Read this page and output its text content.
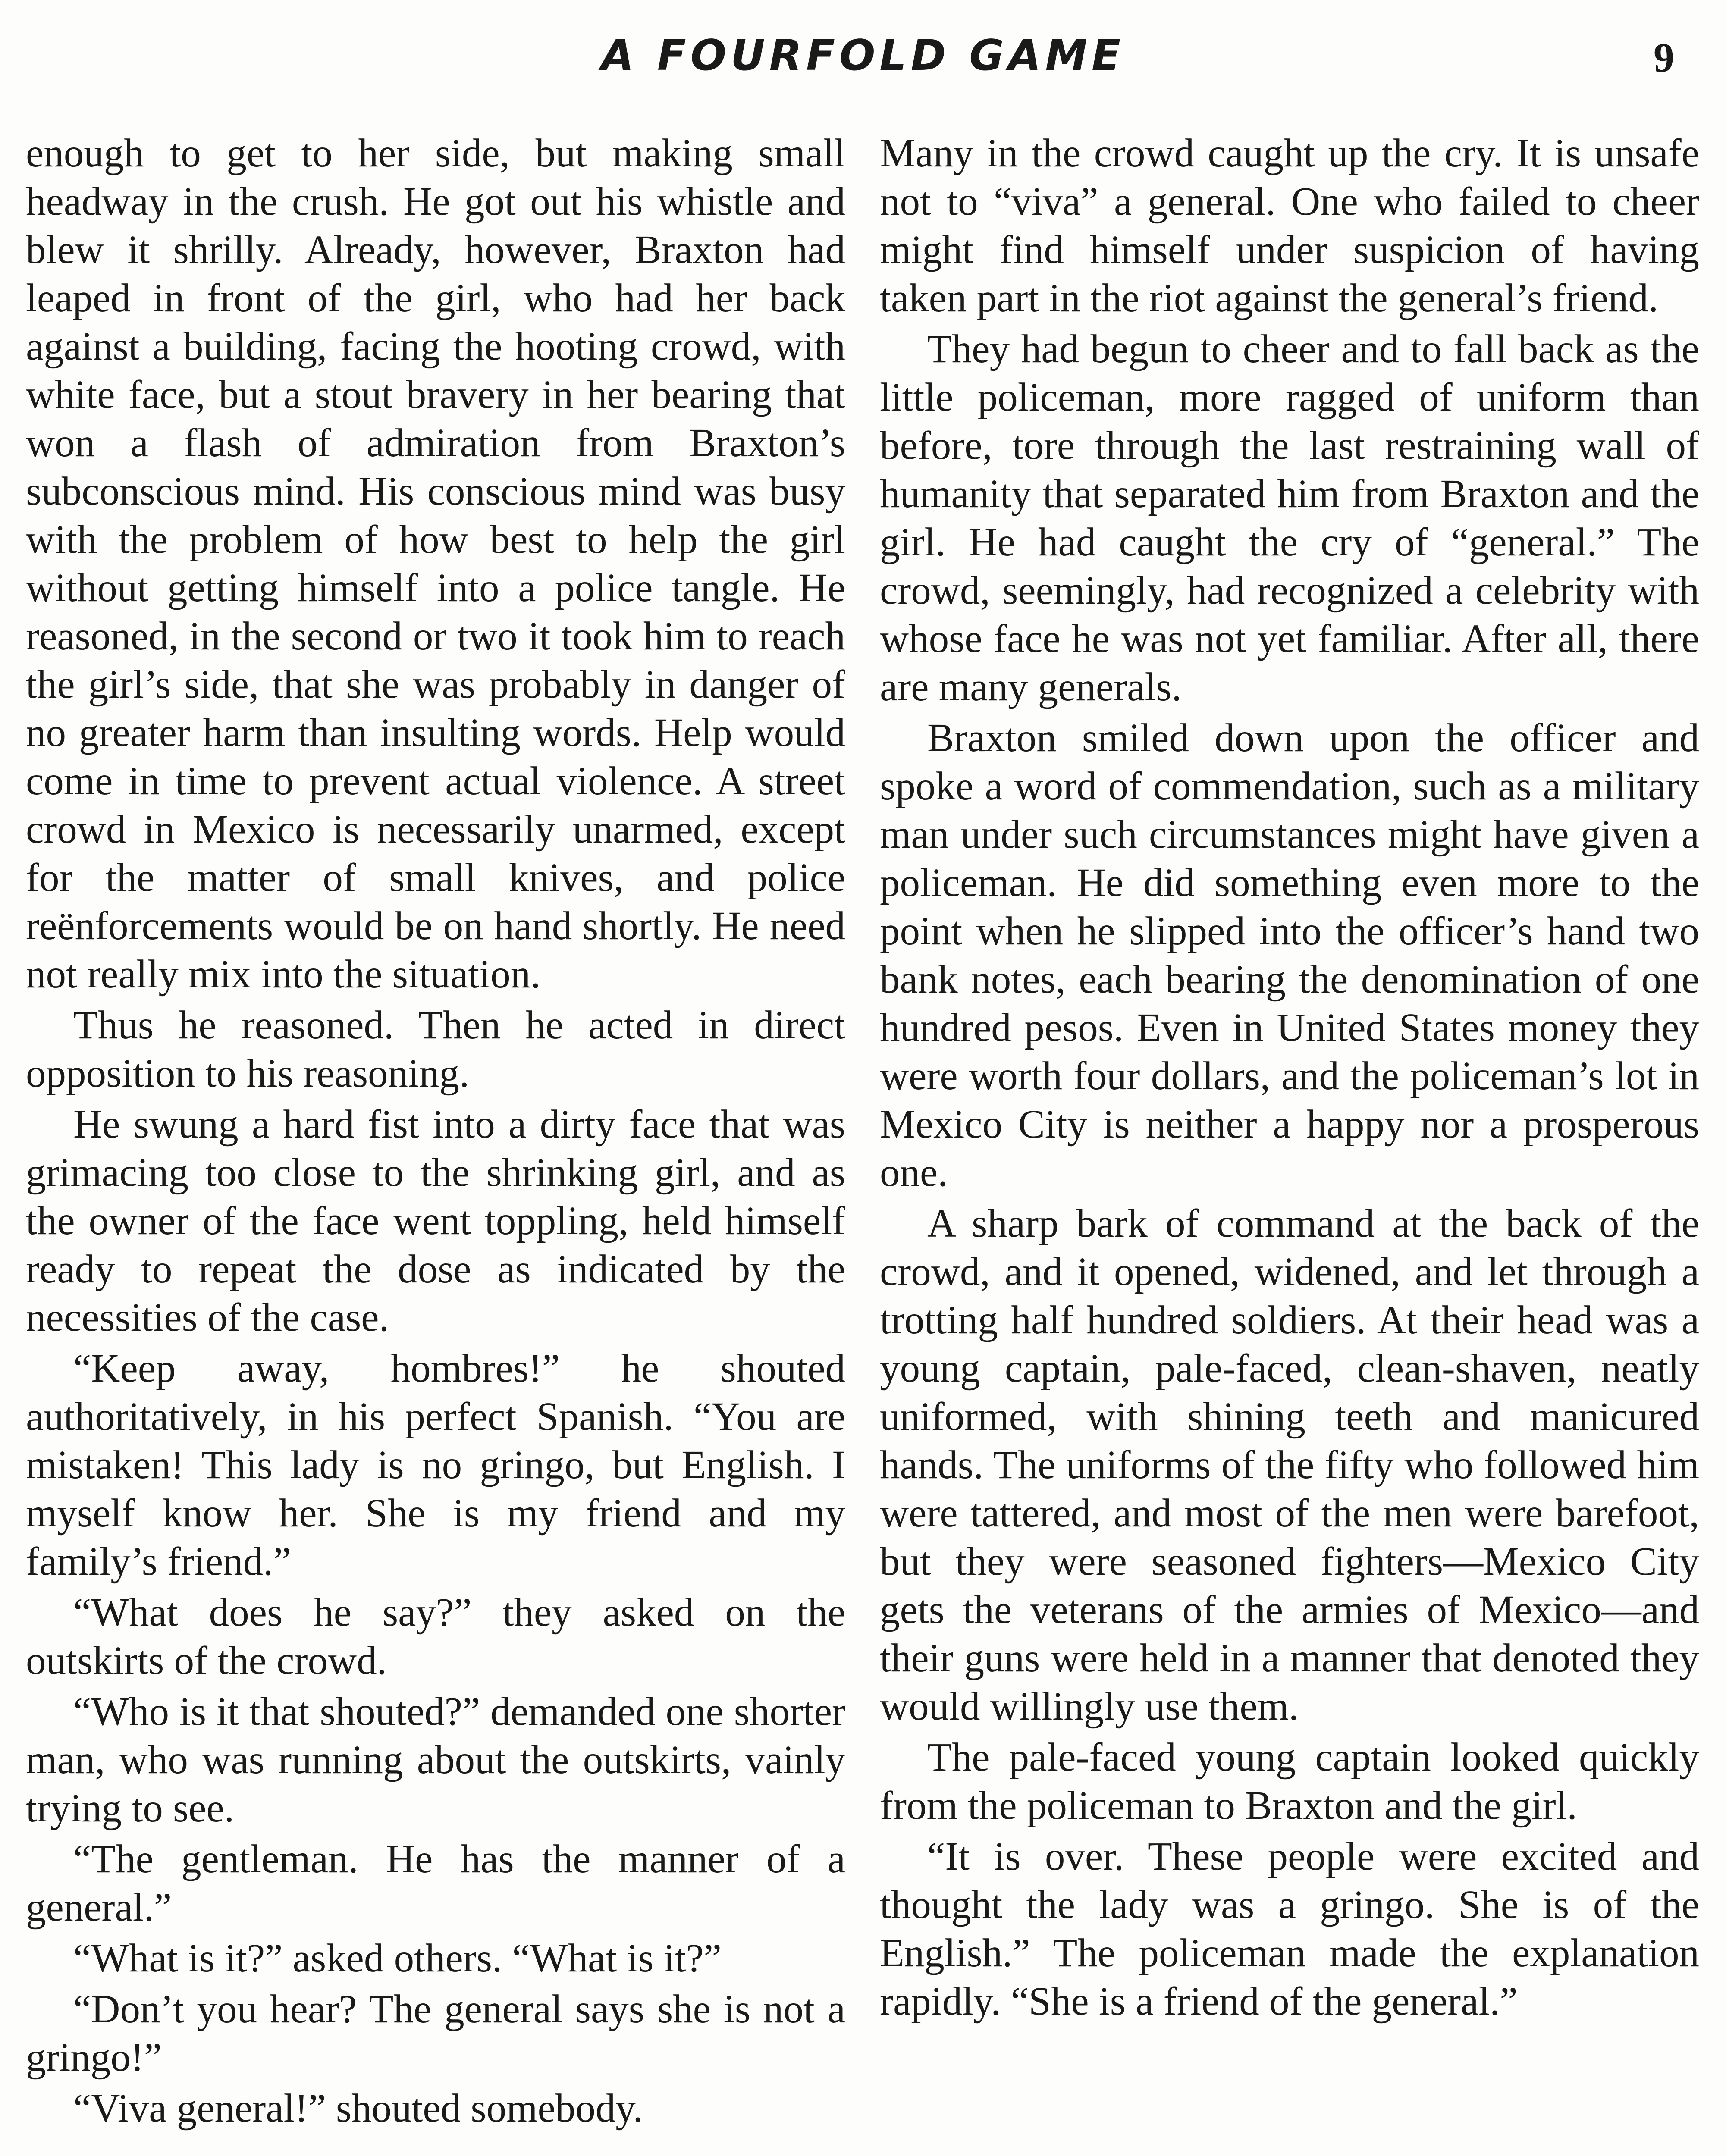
A FOURFOLD GAME	9

enough to get to her side, but making small headway in the crush. He got out his whistle and blew it shrilly. Already, however, Braxton had leaped in front of the girl, who had her back against a building, facing the hooting crowd, with white face, but a stout bravery in her bearing that won a flash of admiration from Braxton’s subconscious mind. His conscious mind was busy with the problem of how best to help the girl without getting himself into a police tangle. He reasoned, in the second or two it took him to reach the girl’s side, that she was probably in danger of no greater harm than insulting words. Help would come in time to prevent actual violence. A street crowd in Mexico is necessarily unarmed, except for the matter of small knives, and police reënforcements would be on hand shortly. He need not really mix into the situation.

Thus he reasoned. Then he acted in direct opposition to his reasoning.

He swung a hard fist into a dirty face that was grimacing too close to the shrinking girl, and as the owner of the face went toppling, held himself ready to repeat the dose as indicated by the necessities of the case.

“Keep away, hombres!” he shouted authoritatively, in his perfect Spanish. “You are mistaken! This lady is no gringo, but English. I myself know her. She is my friend and my family’s friend.”

“What does he say?” they asked on the outskirts of the crowd.

“Who is it that shouted?” demanded one shorter man, who was running about the outskirts, vainly trying to see.

“The gentleman. He has the manner of a general.”

“What is it?” asked others. “What is it?”

“Don’t you hear? The general says she is not a gringo!”

“Viva general!” shouted somebody.

Many in the crowd caught up the cry. It is unsafe not to “viva” a general. One who failed to cheer might find himself under suspicion of having taken part in the riot against the general’s friend.

They had begun to cheer and to fall back as the little policeman, more ragged of uniform than before, tore through the last restraining wall of humanity that separated him from Braxton and the girl. He had caught the cry of “general.” The crowd, seemingly, had recognized a celebrity with whose face he was not yet familiar. After all, there are many generals.

Braxton smiled down upon the officer and spoke a word of commendation, such as a military man under such circumstances might have given a policeman. He did something even more to the point when he slipped into the officer’s hand two bank notes, each bearing the denomination of one hundred pesos. Even in United States money they were worth four dollars, and the policeman’s lot in Mexico City is neither a happy nor a prosperous one.

A sharp bark of command at the back of the crowd, and it opened, widened, and let through a trotting half hundred soldiers. At their head was a young captain, pale-faced, clean-shaven, neatly uniformed, with shining teeth and manicured hands. The uniforms of the fifty who followed him were tattered, and most of the men were barefoot, but they were seasoned fighters—Mexico City gets the veterans of the armies of Mexico—and their guns were held in a manner that denoted they would willingly use them.

The pale-faced young captain looked quickly from the policeman to Braxton and the girl.

“It is over. These people were excited and thought the lady was a gringo. She is of the English.” The policeman made the explanation rapidly. “She is a friend of the general.”
